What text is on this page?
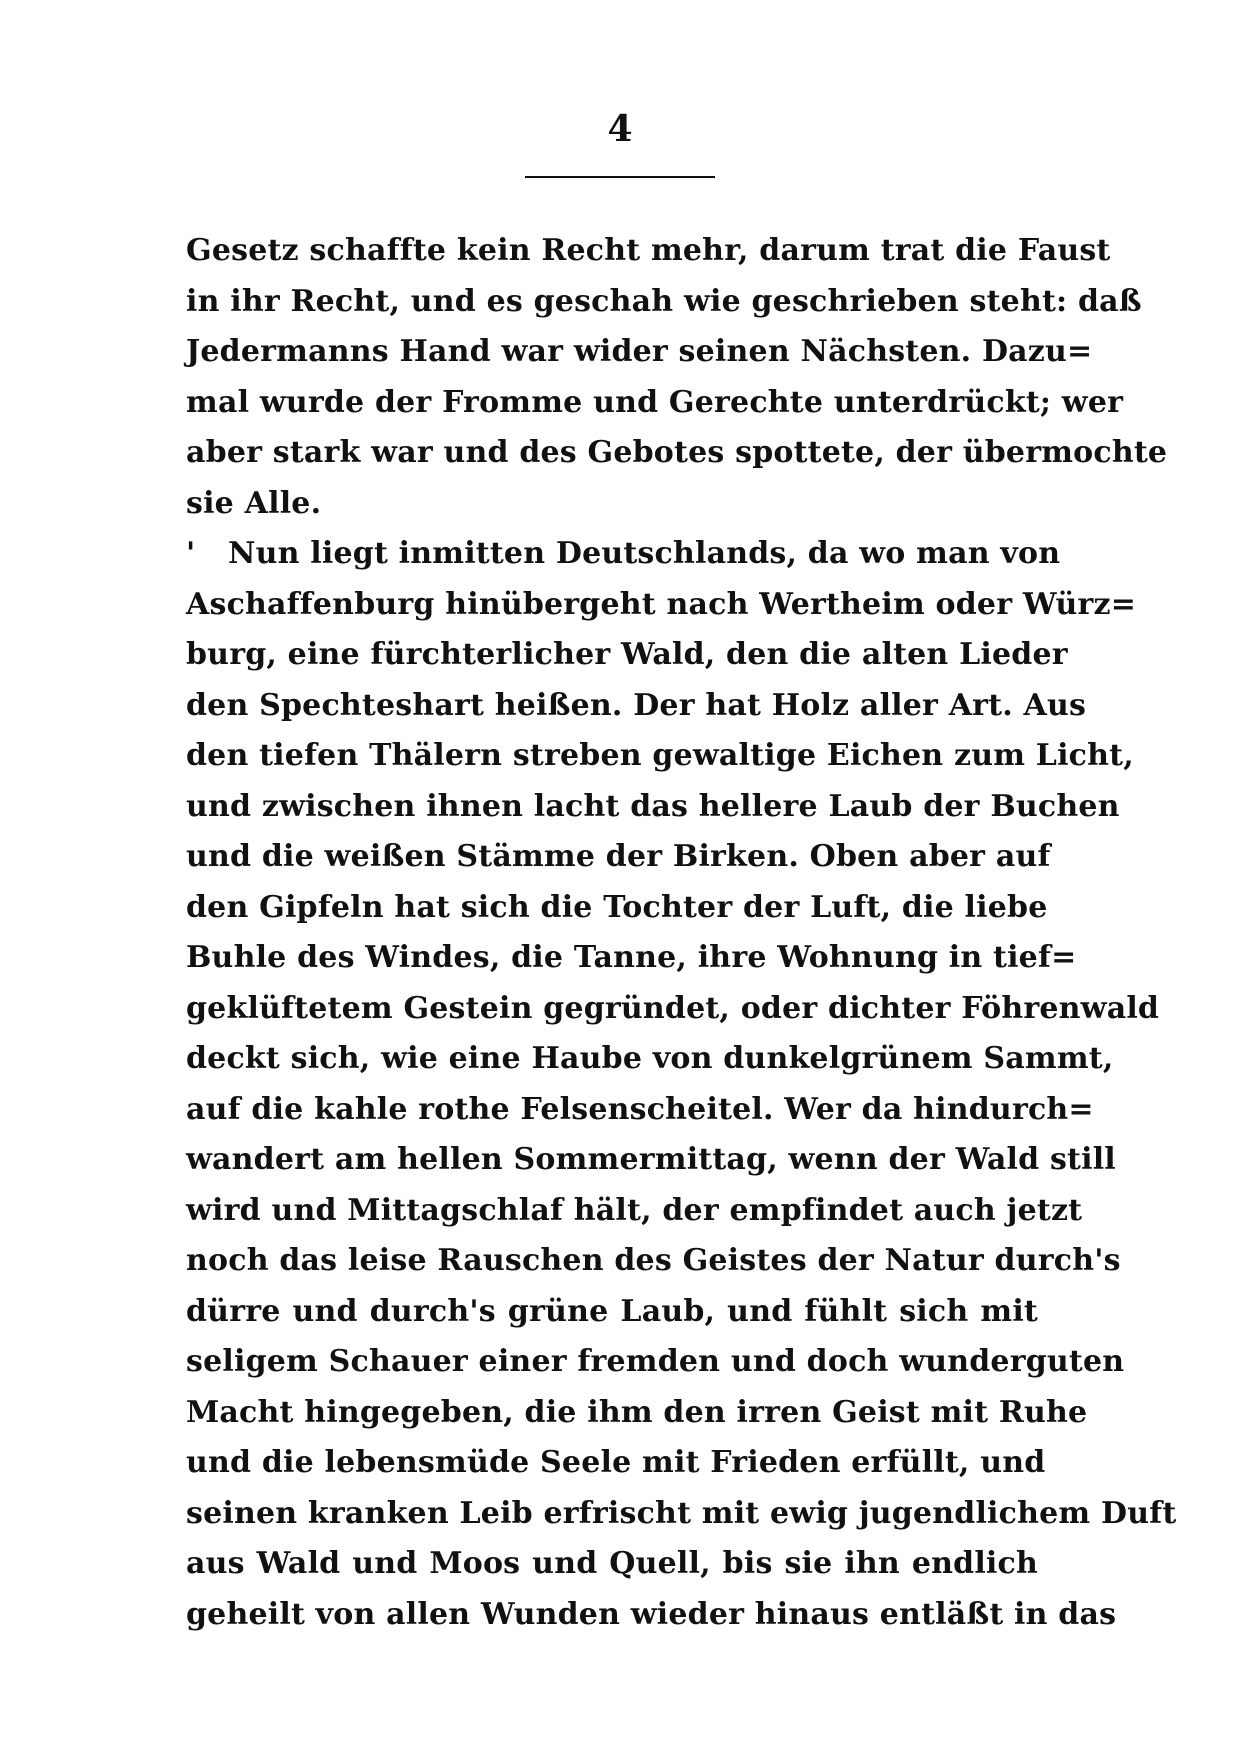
4
Gesetz schaffte kein Recht mehr, darum trat die Faust
in ihr Recht, und es geschah wie geschrieben steht: daß
Jedermanns Hand war wider seinen Nächsten. Dazu=
mal wurde der Fromme und Gerechte unterdrückt; wer
aber stark war und des Gebotes spottete, der übermochte
sie Alle.
' Nun liegt inmitten Deutschlands, da wo man von
Aschaffenburg hinübergeht nach Wertheim oder Würz=
burg, eine fürchterlicher Wald, den die alten Lieder
den Spechteshart heißen. Der hat Holz aller Art. Aus
den tiefen Thälern streben gewaltige Eichen zum Licht,
und zwischen ihnen lacht das hellere Laub der Buchen
und die weißen Stämme der Birken. Oben aber auf
den Gipfeln hat sich die Tochter der Luft, die liebe
Buhle des Windes, die Tanne, ihre Wohnung in tief=
geklüftetem Gestein gegründet, oder dichter Föhrenwald
deckt sich, wie eine Haube von dunkelgrünem Sammt,
auf die kahle rothe Felsenscheitel. Wer da hindurch=
wandert am hellen Sommermittag, wenn der Wald still
wird und Mittagschlaf hält, der empfindet auch jetzt
noch das leise Rauschen des Geistes der Natur durch's
dürre und durch's grüne Laub, und fühlt sich mit
seligem Schauer einer fremden und doch wunderguten
Macht hingegeben, die ihm den irren Geist mit Ruhe
und die lebensmüde Seele mit Frieden erfüllt, und
seinen kranken Leib erfrischt mit ewig jugendlichem Duft
aus Wald und Moos und Quell, bis sie ihn endlich
geheilt von allen Wunden wieder hinaus entläßt in das
